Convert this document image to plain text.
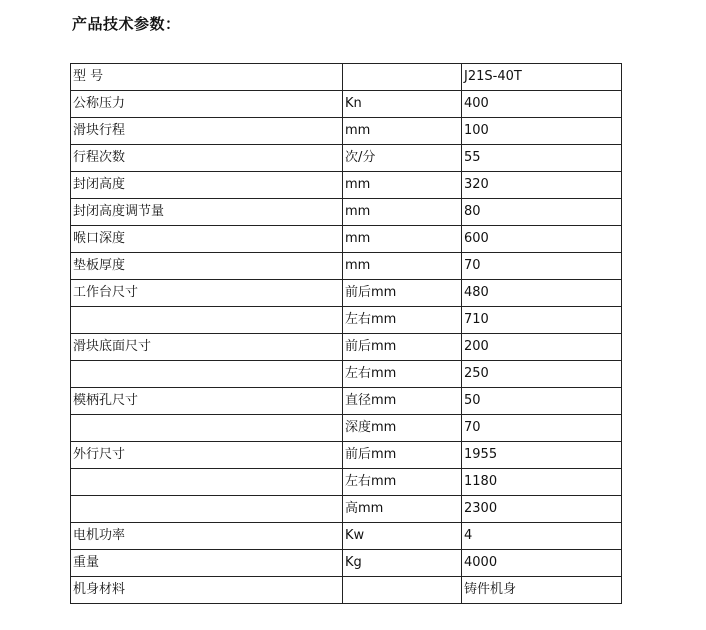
产品技术参数：
型 号		J21S-40T
公称压力	Kn	400
滑块行程	mm	100
行程次数	次/分	55
封闭高度	mm	320
封闭高度调节量	mm	80
喉口深度	mm	600
垫板厚度	mm	70
工作台尺寸	前后mm	480
	左右mm	710
滑块底面尺寸	前后mm	200
	左右mm	250
模柄孔尺寸	直径mm	50
	深度mm	70
外行尺寸	前后mm	1955
	左右mm	1180
	高mm	2300
电机功率	Kw	4
重量	Kg	4000
机身材料		铸件机身
